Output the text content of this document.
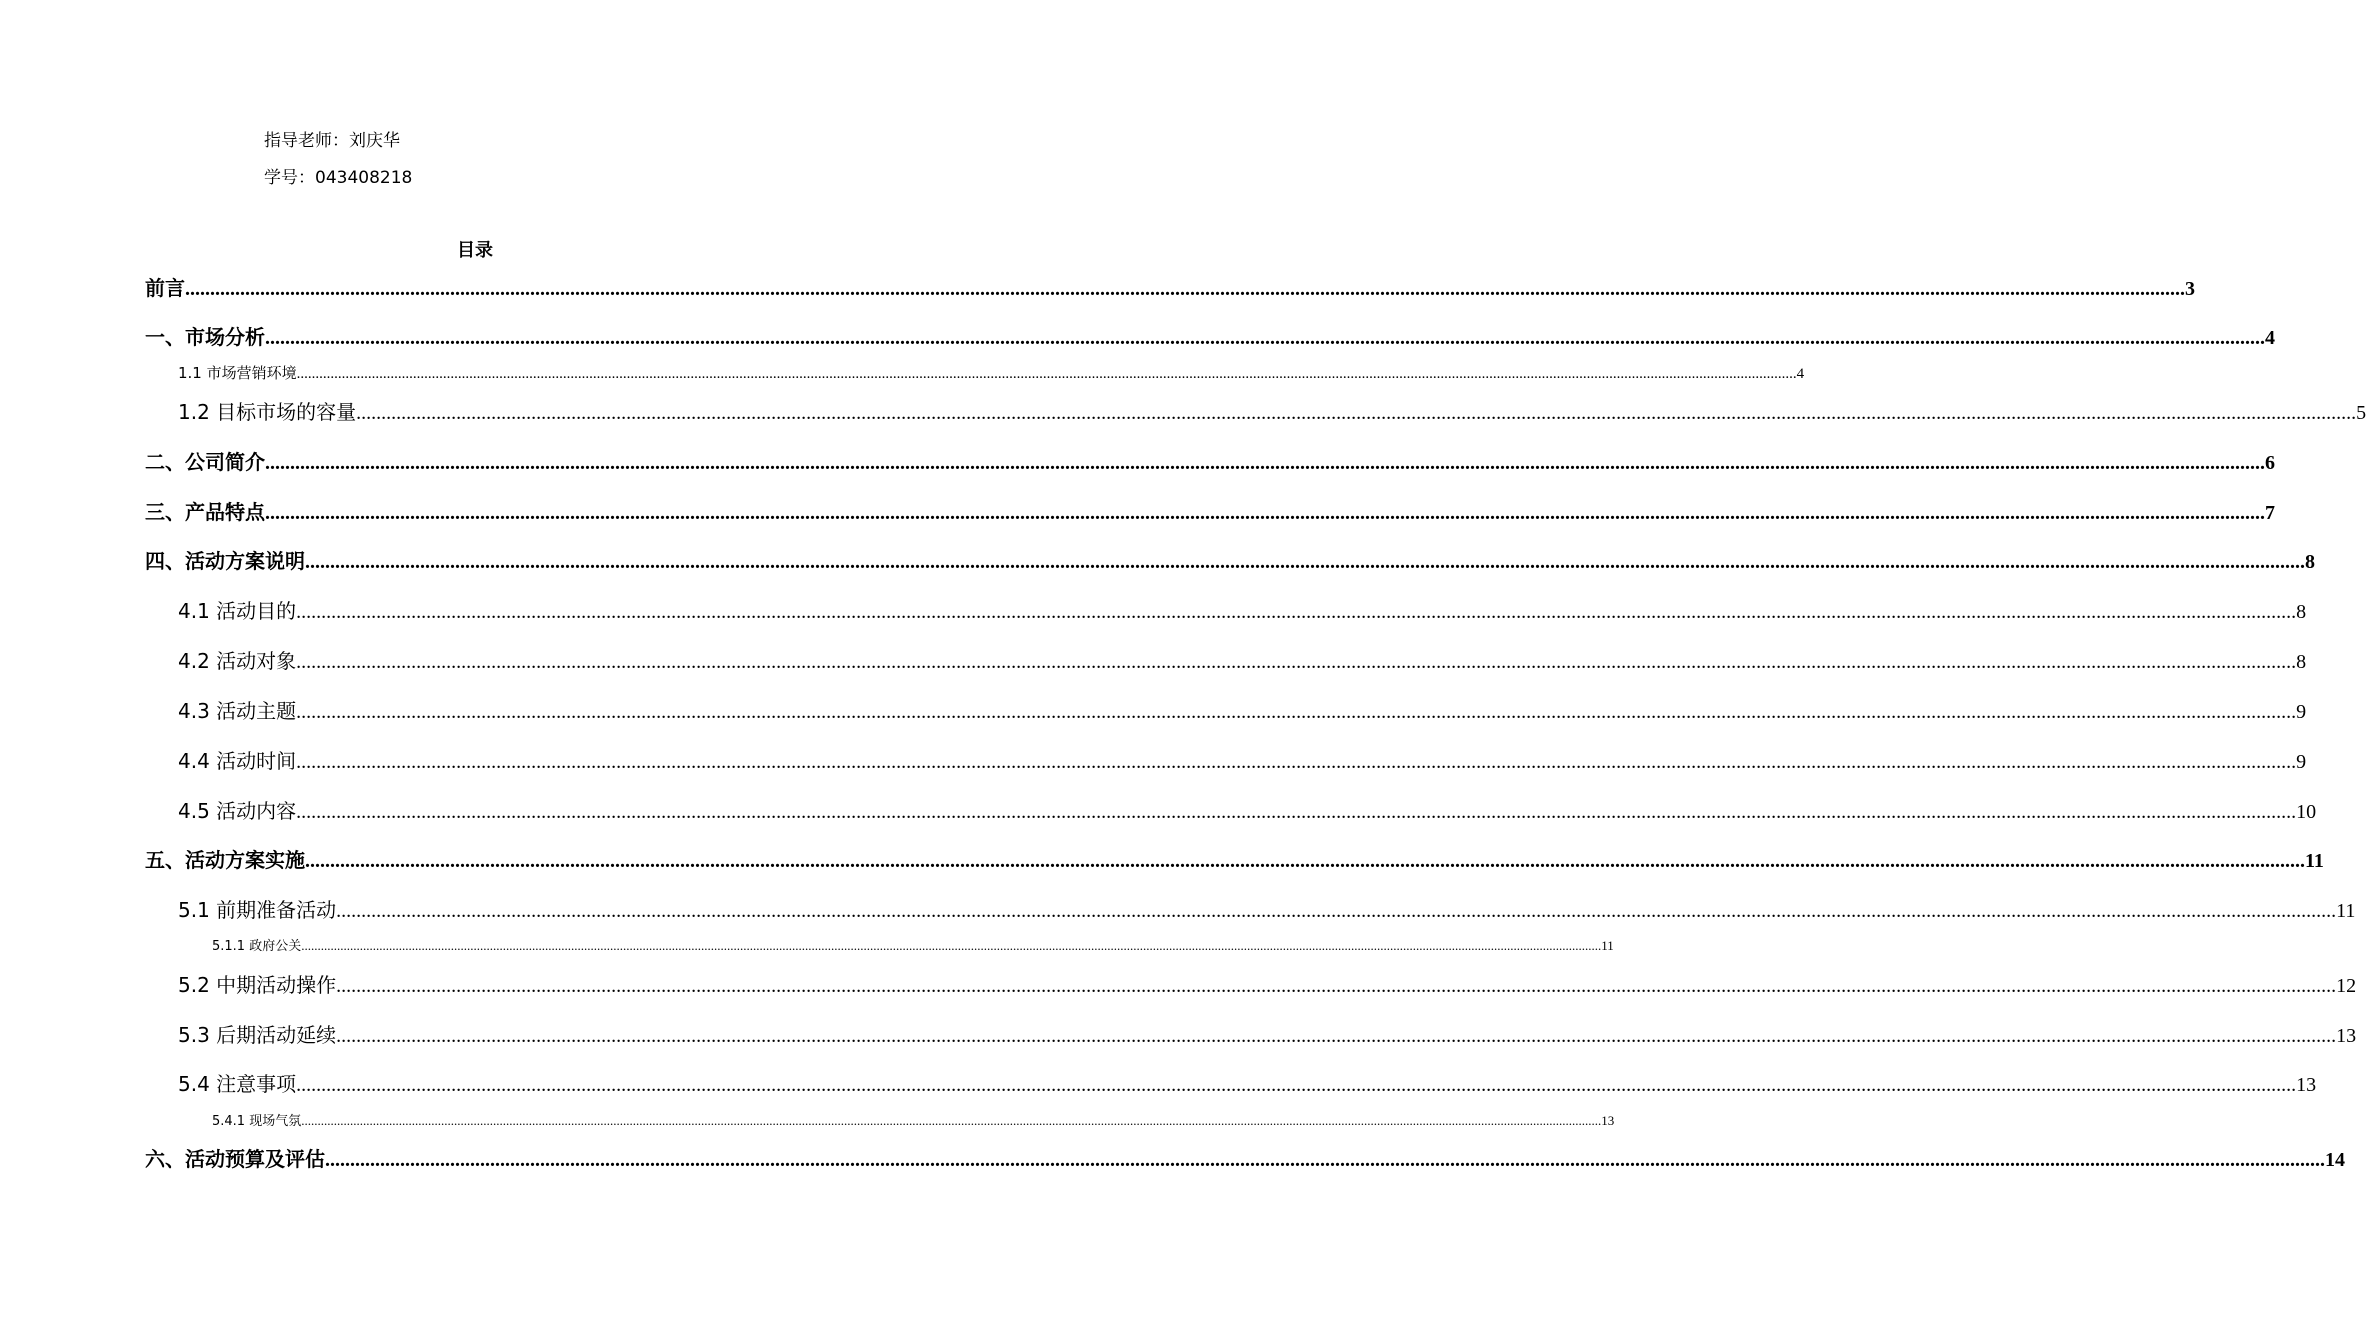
指导老师：刘庆华
学号：043408218
目录
前言 ................................................................................................................................................................................................................................................................................................................................................................................................................ 3
一、市场分析 ................................................................................................................................................................................................................................................................................................................................................................................................................ 4
1.1 市场营销环境 ................................................................................................................................................................................................................................................................................................................................................................................................................ 4
1.2 目标市场的容量 ................................................................................................................................................................................................................................................................................................................................................................................................................ 5
二、公司简介 ................................................................................................................................................................................................................................................................................................................................................................................................................ 6
三、产品特点 ................................................................................................................................................................................................................................................................................................................................................................................................................ 7
四、活动方案说明 ................................................................................................................................................................................................................................................................................................................................................................................................................ 8
4.1 活动目的 ................................................................................................................................................................................................................................................................................................................................................................................................................ 8
4.2 活动对象 ................................................................................................................................................................................................................................................................................................................................................................................................................ 8
4.3 活动主题 ................................................................................................................................................................................................................................................................................................................................................................................................................ 9
4.4 活动时间 ................................................................................................................................................................................................................................................................................................................................................................................................................ 9
4.5 活动内容 ................................................................................................................................................................................................................................................................................................................................................................................................................ 10
五、活动方案实施 ................................................................................................................................................................................................................................................................................................................................................................................................................ 11
5.1 前期准备活动 ................................................................................................................................................................................................................................................................................................................................................................................................................ 11
5.1.1 政府公关 ................................................................................................................................................................................................................................................................................................................................................................................................................ 11
5.2 中期活动操作 ................................................................................................................................................................................................................................................................................................................................................................................................................ 12
5.3 后期活动延续 ................................................................................................................................................................................................................................................................................................................................................................................................................ 13
5.4 注意事项 ................................................................................................................................................................................................................................................................................................................................................................................................................ 13
5.4.1 现场气氛 ................................................................................................................................................................................................................................................................................................................................................................................................................ 13
六、活动预算及评估 ................................................................................................................................................................................................................................................................................................................................................................................................................ 14
